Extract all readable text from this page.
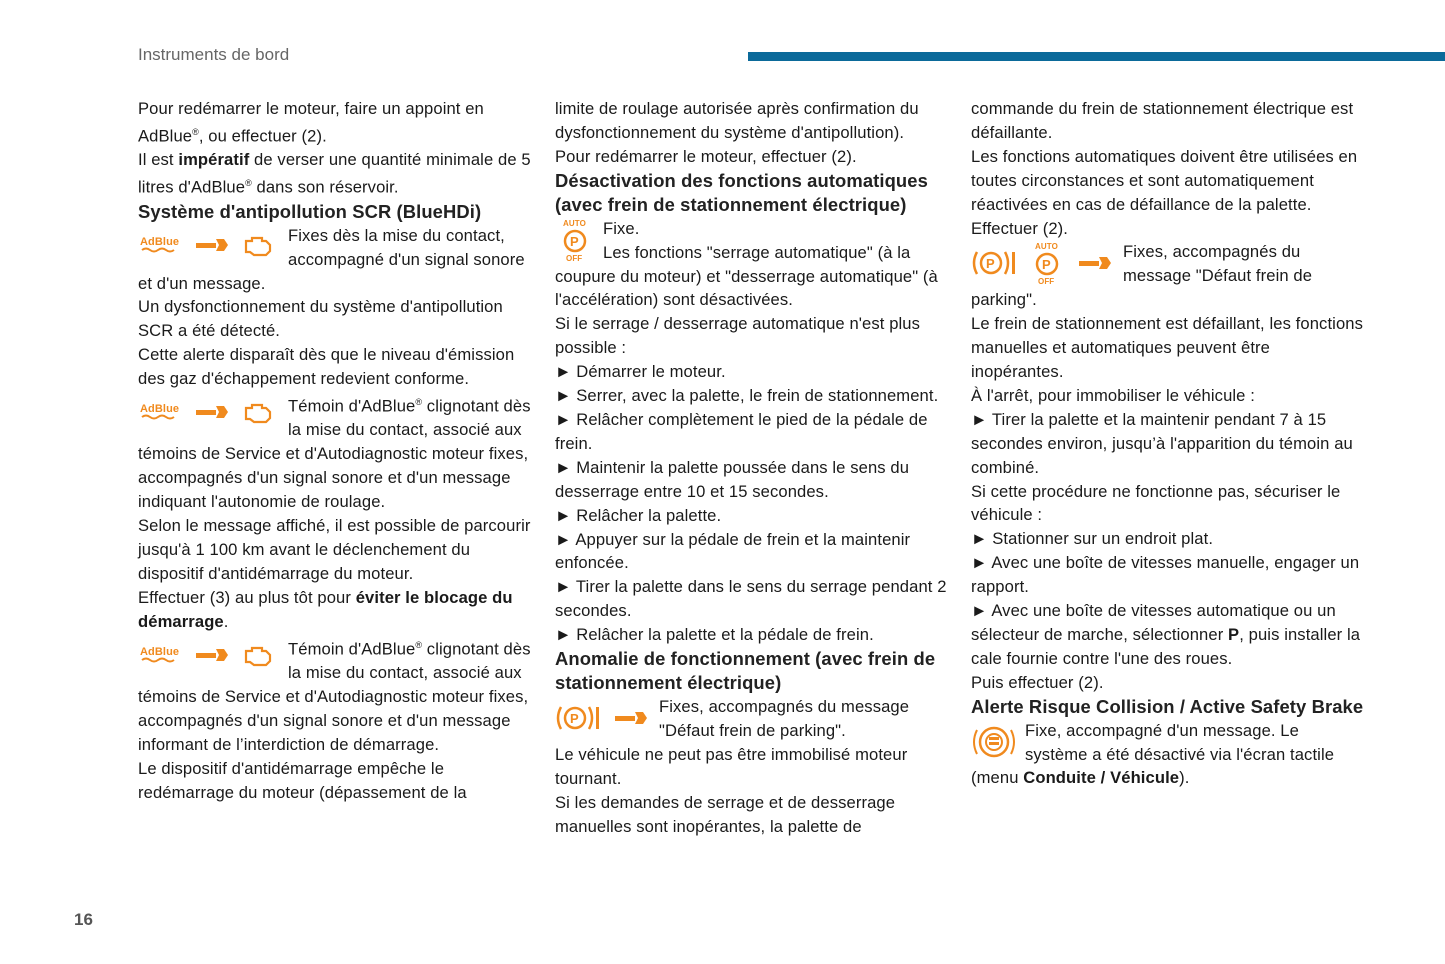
Instruments de bord

Pour redémarrer le moteur, faire un appoint en AdBlue®, ou effectuer (2).

Il est impératif de verser une quantité minimale de 5 litres d'AdBlue® dans son réservoir.

Système d'antipollution SCR (BlueHDi)
AdBlue	Fixes dès la mise du contact, accompagné d'un signal sonore et d'un message.

Un dysfonctionnement du système d'antipollution SCR a été détecté.

Cette alerte disparaît dès que le niveau d'émission des gaz d'échappement redevient conforme.

AdBlue	Témoin d'AdBlue® clignotant dès la mise du contact, associé aux témoins de Service et d'Autodiagnostic moteur fixes, accompagnés d'un signal sonore et d'un message indiquant l'autonomie de roulage.

Selon le message affiché, il est possible de parcourir jusqu'à 1 100 km avant le déclenchement du dispositif d'antidémarrage du moteur.

Effectuer (3) au plus tôt pour éviter le blocage du démarrage.

AdBlue	Témoin d'AdBlue® clignotant dès la mise du contact, associé aux témoins de Service et d'Autodiagnostic moteur fixes, accompagnés d'un signal sonore et d'un message informant de l’interdiction de démarrage.

Le dispositif d'antidémarrage empêche le redémarrage du moteur (dépassement de la

limite de roulage autorisée après confirmation du dysfonctionnement du système d'antipollution).

Pour redémarrer le moteur, effectuer (2).

Désactivation des fonctions automatiques (avec frein de stationnement électrique)
AUTO
P
OFF

Fixe.

Les fonctions "serrage automatique" (à la coupure du moteur) et "desserrage automatique" (à l'accélération) sont désactivées.

Si le serrage / desserrage automatique n'est plus possible :

► Démarrer le moteur.

► Serrer, avec la palette, le frein de stationnement.

► Relâcher complètement le pied de la pédale de frein.

► Maintenir la palette poussée dans le sens du desserrage entre 10 et 15 secondes.

► Relâcher la palette.

► Appuyer sur la pédale de frein et la maintenir enfoncée.

► Tirer la palette dans le sens du serrage pendant 2 secondes.

► Relâcher la palette et la pédale de frein.

Anomalie de fonctionnement (avec frein de stationnement électrique)
P

Fixes, accompagnés du message "Défaut frein de parking".

Le véhicule ne peut pas être immobilisé moteur tournant.

Si les demandes de serrage et de desserrage manuelles sont inopérantes, la palette de

commande du frein de stationnement électrique est défaillante.

Les fonctions automatiques doivent être utilisées en toutes circonstances et sont automatiquement réactivées en cas de défaillance de la palette.

Effectuer (2).

P
AUTO
P
OFF

Fixes, accompagnés du message "Défaut frein de parking".

Le frein de stationnement est défaillant, les fonctions manuelles et automatiques peuvent être inopérantes.

À l'arrêt, pour immobiliser le véhicule :

► Tirer la palette et la maintenir pendant 7 à 15 secondes environ, jusqu’à l'apparition du témoin au combiné.

Si cette procédure ne fonctionne pas, sécuriser le véhicule :

► Stationner sur un endroit plat.

► Avec une boîte de vitesses manuelle, engager un rapport.

► Avec une boîte de vitesses automatique ou un sélecteur de marche, sélectionner P, puis installer la cale fournie contre l'une des roues.

Puis effectuer (2).

Alerte Risque Collision / Active Safety Brake

Fixe, accompagné d'un message. Le système a été désactivé via l'écran tactile (menu Conduite / Véhicule).

16
